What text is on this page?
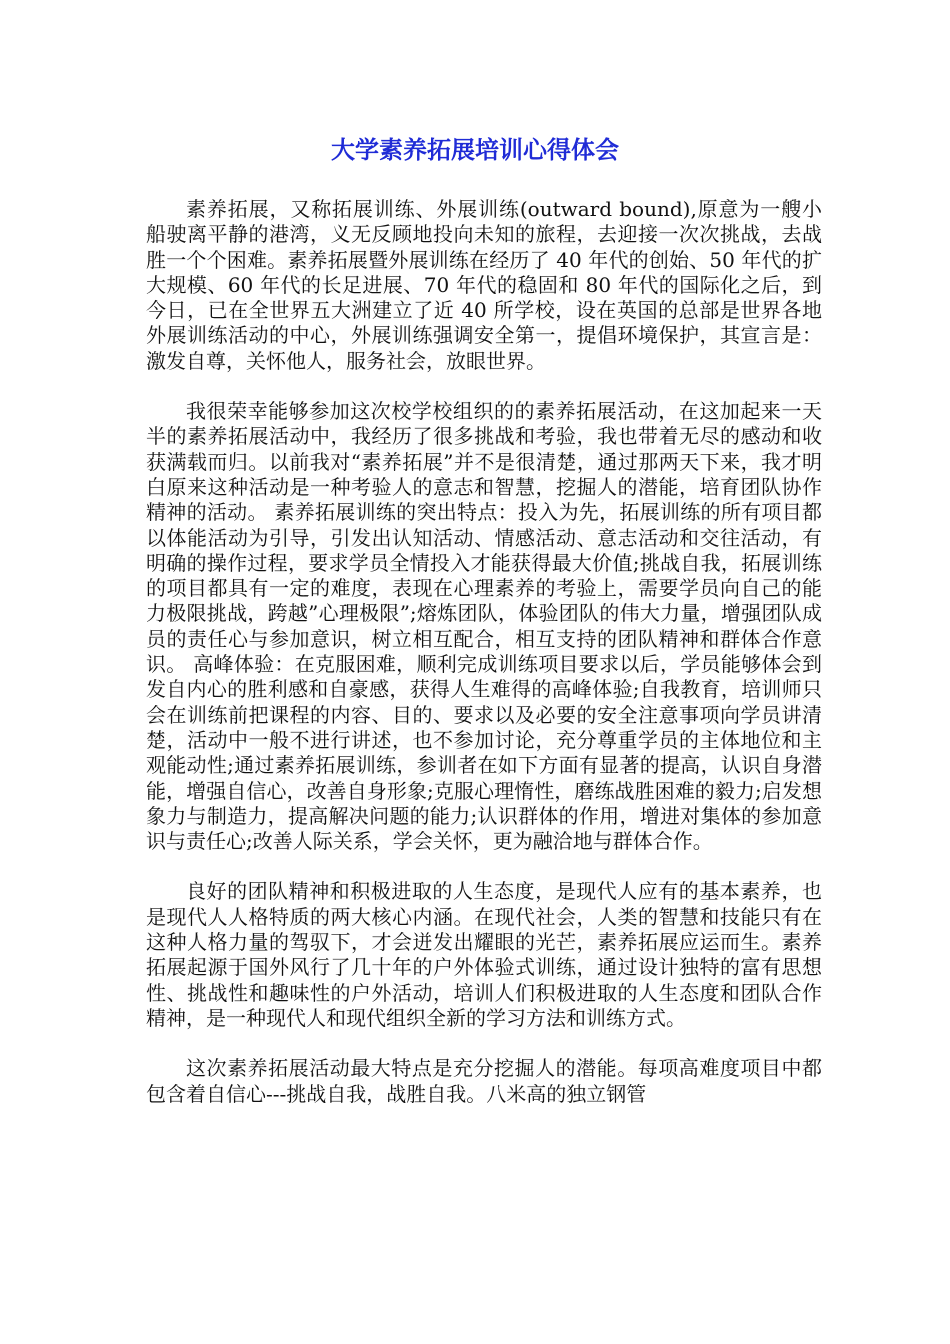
大学素养拓展培训心得体会

素养拓展，又称拓展训练、外展训练(outward bound),原意为一艘小船驶离平静的港湾，义无反顾地投向未知的旅程，去迎接一次次挑战，去战胜一个个困难。素养拓展暨外展训练在经历了 40 年代的创始、50 年代的扩大规模、60 年代的长足进展、70 年代的稳固和 80 年代的国际化之后，到今日，已在全世界五大洲建立了近 40 所学校，设在英国的总部是世界各地外展训练活动的中心，外展训练强调安全第一，提倡环境保护，其宣言是：激发自尊，关怀他人，服务社会，放眼世界。

我很荣幸能够参加这次校学校组织的的素养拓展活动，在这加起来一天半的素养拓展活动中，我经历了很多挑战和考验，我也带着无尽的感动和收获满载而归。以前我对“素养拓展”并不是很清楚，通过那两天下来，我才明白原来这种活动是一种考验人的意志和智慧，挖掘人的潜能，培育团队协作精神的活动。 素养拓展训练的突出特点：投入为先，拓展训练的所有项目都以体能活动为引导，引发出认知活动、情感活动、意志活动和交往活动，有明确的操作过程，要求学员全情投入才能获得最大价值;挑战自我，拓展训练的项目都具有一定的难度，表现在心理素养的考验上，需要学员向自己的能力极限挑战，跨越”心理极限”;熔炼团队，体验团队的伟大力量，增强团队成员的责任心与参加意识，树立相互配合，相互支持的团队精神和群体合作意识。 高峰体验：在克服困难，顺利完成训练项目要求以后，学员能够体会到发自内心的胜利感和自豪感，获得人生难得的高峰体验;自我教育，培训师只会在训练前把课程的内容、目的、要求以及必要的安全注意事项向学员讲清楚，活动中一般不进行讲述，也不参加讨论，充分尊重学员的主体地位和主观能动性;通过素养拓展训练，参训者在如下方面有显著的提高，认识自身潜能，增强自信心，改善自身形象;克服心理惰性，磨练战胜困难的毅力;启发想象力与制造力，提高解决问题的能力;认识群体的作用，增进对集体的参加意识与责任心;改善人际关系，学会关怀，更为融洽地与群体合作。

良好的团队精神和积极进取的人生态度，是现代人应有的基本素养，也是现代人人格特质的两大核心内涵。在现代社会，人类的智慧和技能只有在这种人格力量的驾驭下，才会迸发出耀眼的光芒，素养拓展应运而生。素养拓展起源于国外风行了几十年的户外体验式训练，通过设计独特的富有思想性、挑战性和趣味性的户外活动，培训人们积极进取的人生态度和团队合作精神，是一种现代人和现代组织全新的学习方法和训练方式。

这次素养拓展活动最大特点是充分挖掘人的潜能。每项高难度项目中都包含着自信心---挑战自我，战胜自我。八米高的独立钢管
